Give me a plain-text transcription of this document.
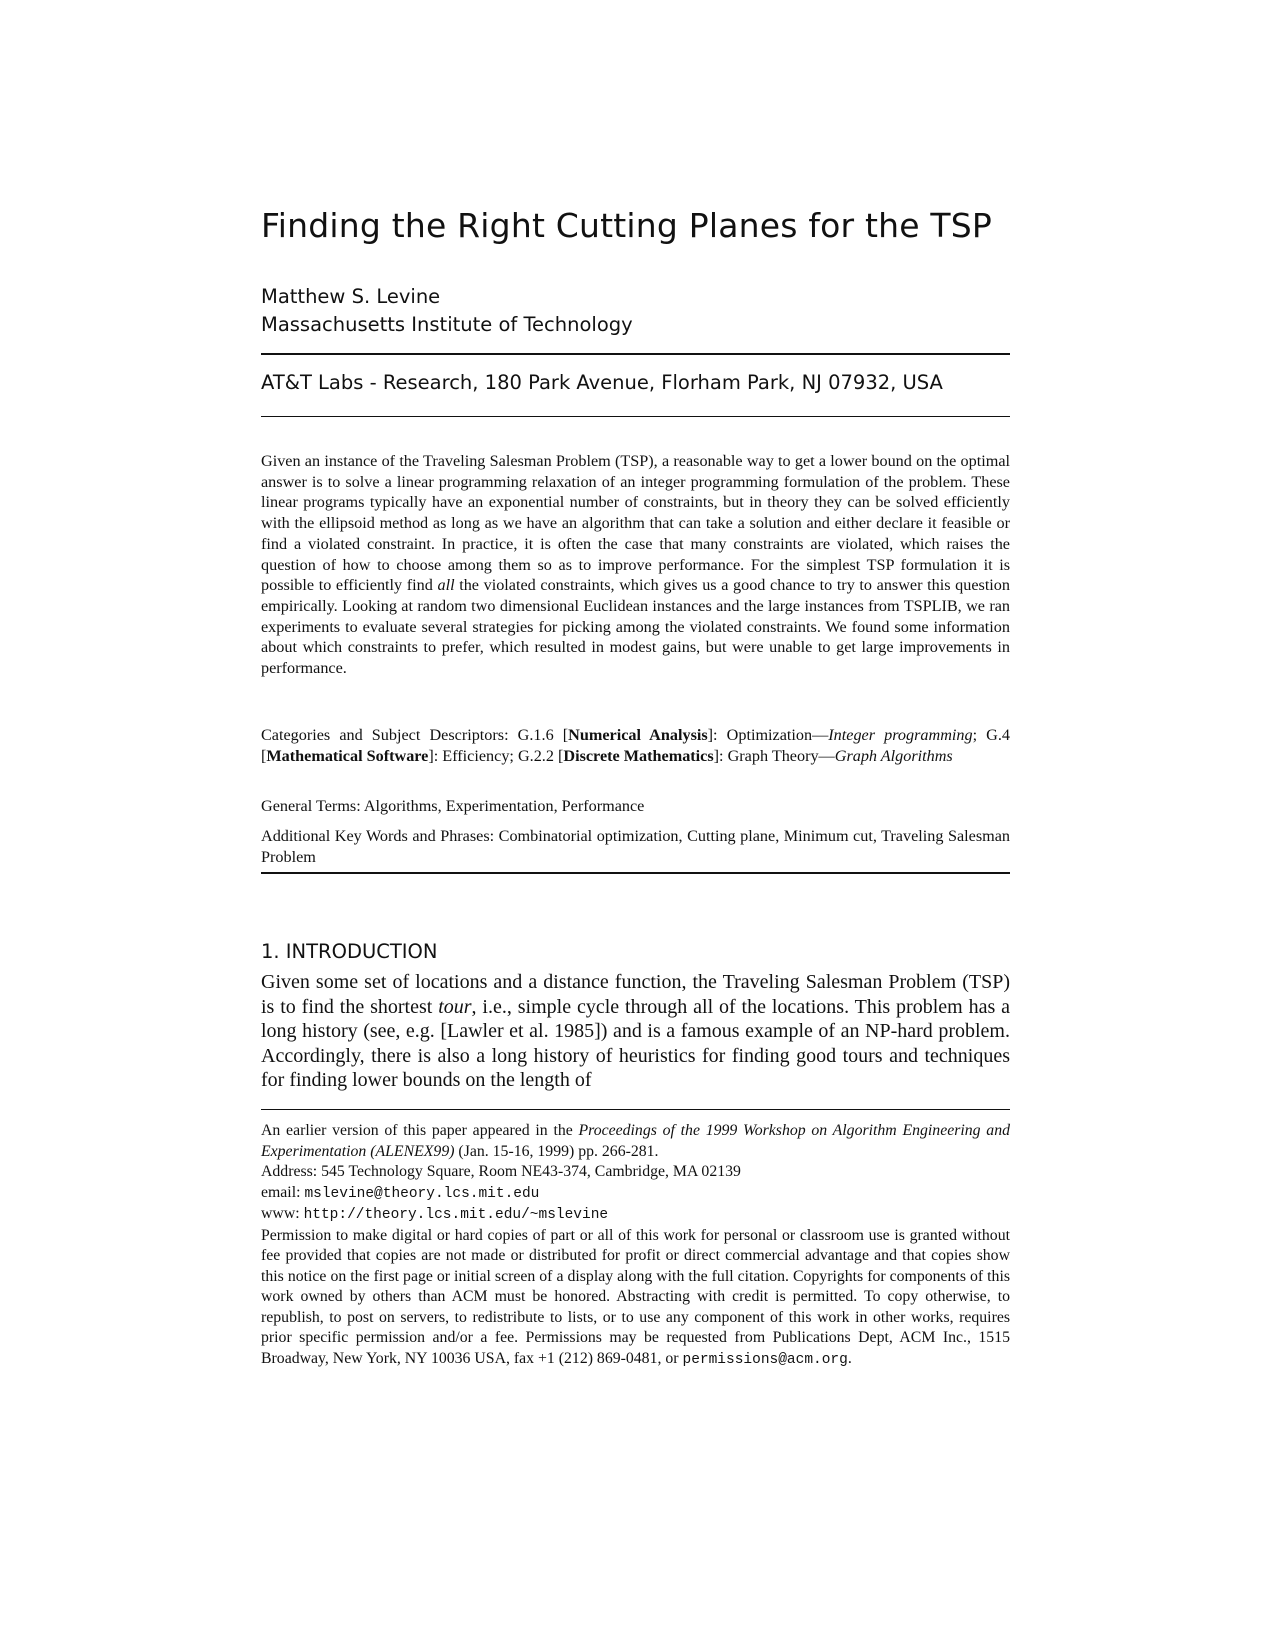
Finding the Right Cutting Planes for the TSP
Matthew S. Levine
Massachusetts Institute of Technology
AT&T Labs - Research, 180 Park Avenue, Florham Park, NJ 07932, USA

Given an instance of the Traveling Salesman Problem (TSP), a reasonable way to get a lower bound on the optimal answer is to solve a linear programming relaxation of an integer programming formulation of the problem. These linear programs typically have an exponential number of constraints, but in theory they can be solved efficiently with the ellipsoid method as long as we have an algorithm that can take a solution and either declare it feasible or find a violated constraint. In practice, it is often the case that many constraints are violated, which raises the question of how to choose among them so as to improve performance. For the simplest TSP formulation it is possible to efficiently find all the violated constraints, which gives us a good chance to try to answer this question empirically. Looking at random two dimensional Euclidean instances and the large instances from TSPLIB, we ran experiments to evaluate several strategies for picking among the violated constraints. We found some information about which constraints to prefer, which resulted in modest gains, but were unable to get large improvements in performance.

Categories and Subject Descriptors: G.1.6 [Numerical Analysis]: Optimization—Integer programming; G.4 [Mathematical Software]: Efficiency; G.2.2 [Discrete Mathematics]: Graph Theory—Graph Algorithms

General Terms: Algorithms, Experimentation, Performance

Additional Key Words and Phrases: Combinatorial optimization, Cutting plane, Minimum cut, Traveling Salesman Problem

1. INTRODUCTION

Given some set of locations and a distance function, the Traveling Salesman Problem (TSP) is to find the shortest tour, i.e., simple cycle through all of the locations. This problem has a long history (see, e.g. [Lawler et al. 1985]) and is a famous example of an NP-hard problem. Accordingly, there is also a long history of heuristics for finding good tours and techniques for finding lower bounds on the length of

An earlier version of this paper appeared in the Proceedings of the 1999 Workshop on Algorithm Engineering and Experimentation (ALENEX99) (Jan. 15-16, 1999) pp. 266-281.

Address: 545 Technology Square, Room NE43-374, Cambridge, MA 02139

email: mslevine@theory.lcs.mit.edu

www: http://theory.lcs.mit.edu/~mslevine

Permission to make digital or hard copies of part or all of this work for personal or classroom use is granted without fee provided that copies are not made or distributed for profit or direct commercial advantage and that copies show this notice on the first page or initial screen of a display along with the full citation. Copyrights for components of this work owned by others than ACM must be honored. Abstracting with credit is permitted. To copy otherwise, to republish, to post on servers, to redistribute to lists, or to use any component of this work in other works, requires prior specific permission and/or a fee. Permissions may be requested from Publications Dept, ACM Inc., 1515 Broadway, New York, NY 10036 USA, fax +1 (212) 869-0481, or permissions@acm.org.
